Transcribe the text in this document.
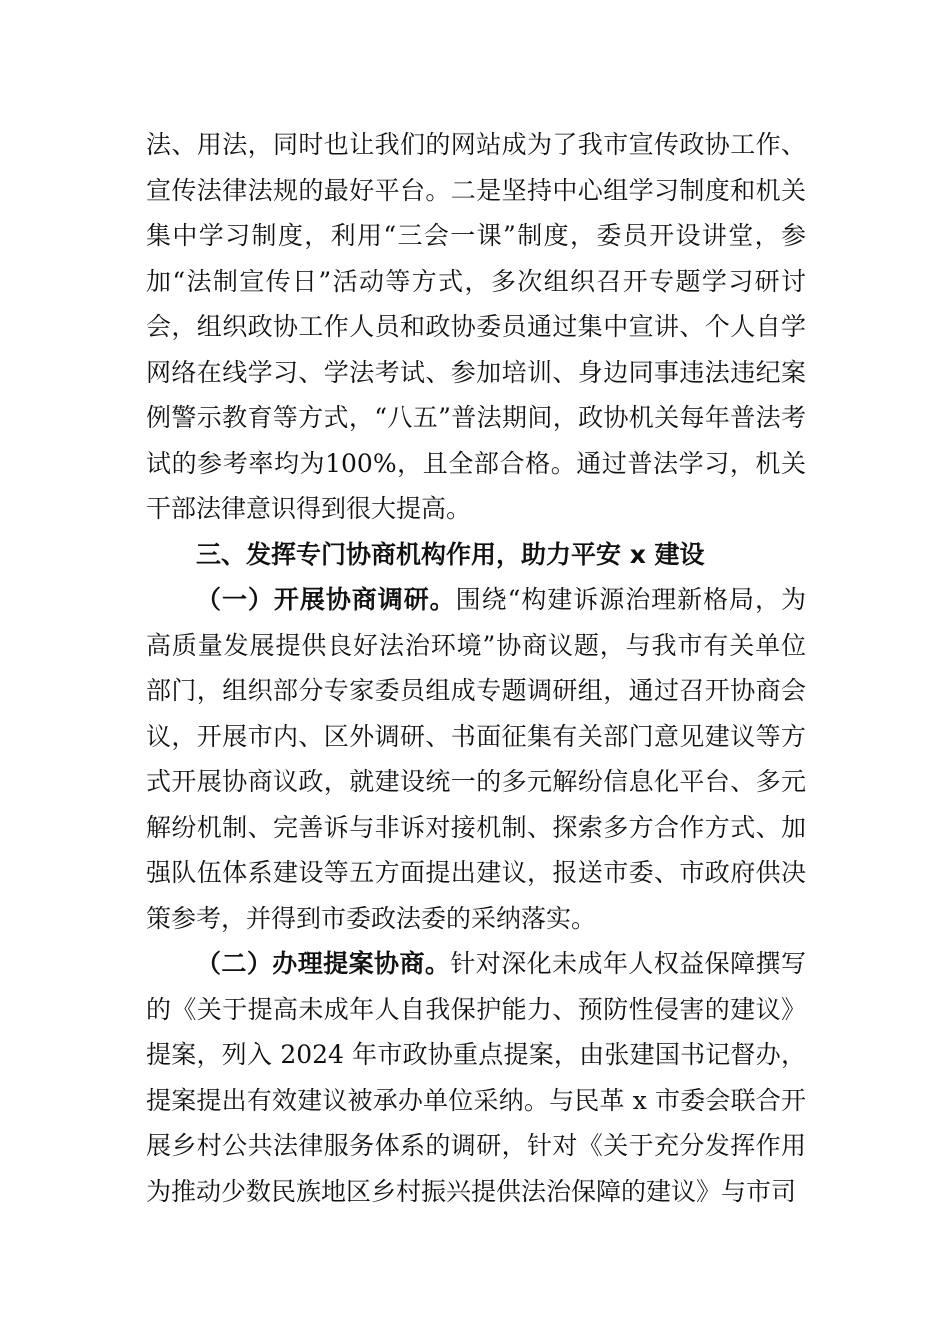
法、用法，同时也让我们的网站成为了我市宣传政协工作、宣传法律法规的最好平台。二是坚持中心组学习制度和机关集中学习制度，利用“三会一课”制度，委员开设讲堂，参加“法制宣传日”活动等方式，多次组织召开专题学习研讨会，组织政协工作人员和政协委员通过集中宣讲、个人自学网络在线学习、学法考试、参加培训、身边同事违法违纪案例警示教育等方式，“八五”普法期间，政协机关每年普法考试的参考率均为100%，且全部合格。通过普法学习，机关干部法律意识得到很大提高。

三、发挥专门协商机构作用，助力平安 x 建设

（一）开展协商调研。围绕“构建诉源治理新格局，为高质量发展提供良好法治环境”协商议题，与我市有关单位部门，组织部分专家委员组成专题调研组，通过召开协商会议，开展市内、区外调研、书面征集有关部门意见建议等方式开展协商议政，就建设统一的多元解纷信息化平台、多元解纷机制、完善诉与非诉对接机制、探索多方合作方式、加强队伍体系建设等五方面提出建议，报送市委、市政府供决策参考，并得到市委政法委的采纳落实。

（二）办理提案协商。针对深化未成年人权益保障撰写的《关于提高未成年人自我保护能力、预防性侵害的建议》提案，列入 2024 年市政协重点提案，由张建国书记督办，提案提出有效建议被承办单位采纳。与民革 x 市委会联合开展乡村公共法律服务体系的调研，针对《关于充分发挥作用为推动少数民族地区乡村振兴提供法治保障的建议》与市司
